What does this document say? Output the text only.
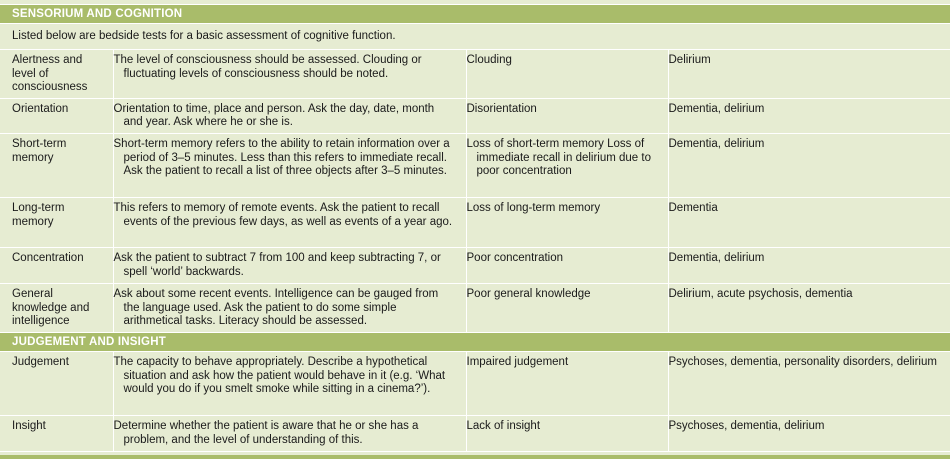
SENSORIUM AND COGNITION
Listed below are bedside tests for a basic assessment of cognitive function.
Alertness and level of consciousness	The level of consciousness should be assessed. Clouding or fluctuating levels of consciousness should be noted.	Clouding	Delirium
Orientation	Orientation to time, place and person. Ask the day, date, month and year. Ask where he or she is.	Disorientation	Dementia, delirium
Short-term memory	Short-term memory refers to the ability to retain information over a period of 3–5 minutes. Less than this refers to immediate recall. Ask the patient to recall a list of three objects after 3–5 minutes.	Loss of short-term memory Loss of immediate recall in delirium due to poor concentration	Dementia, delirium
Long-term memory	This refers to memory of remote events. Ask the patient to recall events of the previous few days, as well as events of a year ago.	Loss of long-term memory	Dementia
Concentration	Ask the patient to subtract 7 from 100 and keep subtracting 7, or spell ‘world’ backwards.	Poor concentration	Dementia, delirium
General knowledge and intelligence	Ask about some recent events. Intelligence can be gauged from the language used. Ask the patient to do some simple arithmetical tasks. Literacy should be assessed.	Poor general knowledge	Delirium, acute psychosis, dementia
JUDGEMENT AND INSIGHT
Judgement	The capacity to behave appropriately. Describe a hypothetical situation and ask how the patient would behave in it (e.g. ‘What would you do if you smelt smoke while sitting in a cinema?’).	Impaired judgement	Psychoses, dementia, personality disorders, delirium
Insight	Determine whether the patient is aware that he or she has a problem, and the level of understanding of this.	Lack of insight	Psychoses, dementia, delirium
